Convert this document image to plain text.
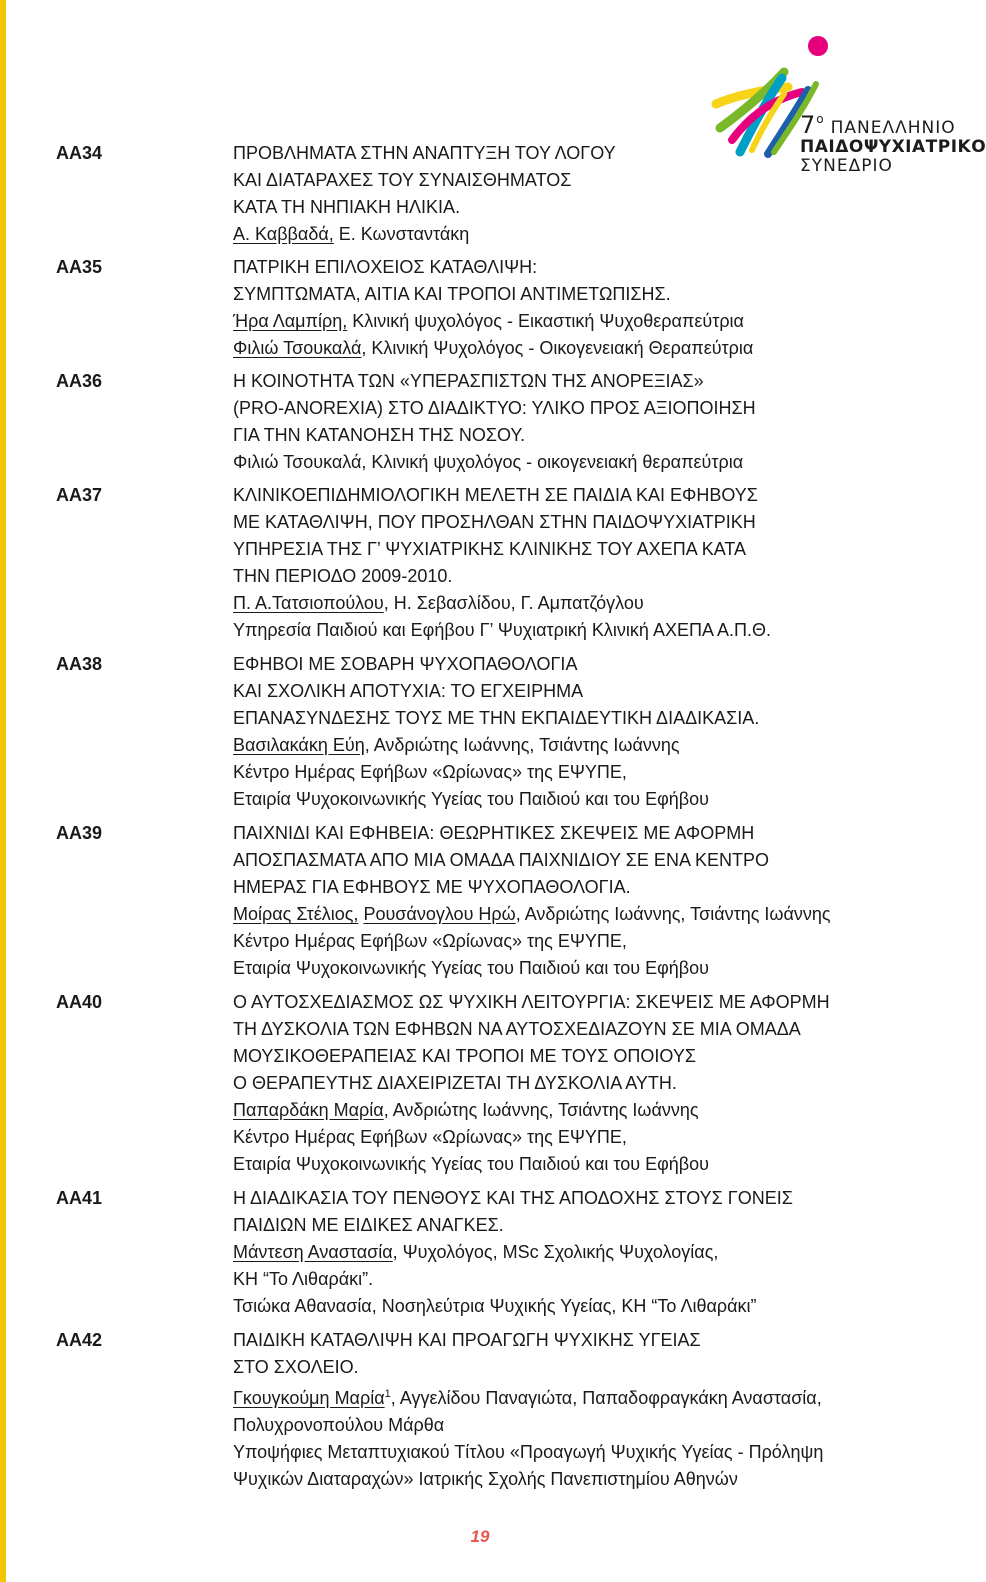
$7^o$ ΠΑΝΕΛΛΗΝΙΟ
ΠΑΙΔΟΨΥΧΙΑΤΡΙΚΟ
ΣΥΝΕΔΡΙΟ
ΑΑ34	ΠΡΟΒΛΗΜΑΤΑ ΣΤΗΝ ΑΝΑΠΤΥΞΗ ΤΟΥ ΛΟΓΟΥ
ΚΑΙ ΔΙΑΤΑΡΑΧΕΣ ΤΟΥ ΣΥΝΑΙΣΘΗΜΑΤΟΣ
ΚΑΤΑ ΤΗ ΝΗΠΙΑΚΗ ΗΛΙΚΙΑ.
Α. Καββαδά, Ε. Κωνσταντάκη
ΑΑ35	ΠΑΤΡΙΚΗ ΕΠΙΛΟΧΕΙΟΣ ΚΑΤΑΘΛΙΨΗ:
ΣΥΜΠΤΩΜΑΤΑ, ΑΙΤΙΑ ΚΑΙ ΤΡΟΠΟΙ ΑΝΤΙΜΕΤΩΠΙΣΗΣ.
Ήρα Λαμπίρη, Κλινική ψυχολόγος - Εικαστική Ψυχοθεραπεύτρια
Φιλιώ Τσουκαλά, Κλινική Ψυχολόγος - Οικογενειακή Θεραπεύτρια
ΑΑ36	Η ΚΟΙΝΟΤΗΤΑ ΤΩΝ «ΥΠΕΡΑΣΠΙΣΤΩΝ ΤΗΣ ΑΝΟΡΕΞΙΑΣ»
(PRO-ANOREXIA) ΣΤΟ ΔΙΑΔΙΚΤΥΟ: ΥΛΙΚΟ ΠΡΟΣ ΑΞΙΟΠΟΙΗΣΗ
ΓΙΑ ΤΗΝ ΚΑΤΑΝΟΗΣΗ ΤΗΣ ΝΟΣΟΥ.
Φιλιώ Τσουκαλά, Κλινική ψυχολόγος - οικογενειακή θεραπεύτρια
ΑΑ37	ΚΛΙΝΙΚΟΕΠΙΔΗΜΙΟΛΟΓΙΚΗ ΜΕΛΕΤΗ ΣΕ ΠΑΙΔΙΑ ΚΑΙ ΕΦΗΒΟΥΣ
ΜΕ ΚΑΤΑΘΛΙΨΗ, ΠΟΥ ΠΡΟΣΗΛΘΑΝ ΣΤΗΝ ΠΑΙΔΟΨΥΧΙΑΤΡΙΚΗ
ΥΠΗΡΕΣΙΑ ΤΗΣ Γ’ ΨΥΧΙΑΤΡΙΚΗΣ ΚΛΙΝΙΚΗΣ ΤΟΥ ΑΧΕΠΑ ΚΑΤΑ
ΤΗΝ ΠΕΡΙΟΔΟ 2009-2010.
Π. Α.Τατσιοπούλου, Η. Σεβασλίδου, Γ. Αμπατζόγλου
Υπηρεσία Παιδιού και Εφήβου Γ’ Ψυχιατρική Κλινική ΑΧΕΠΑ Α.Π.Θ.
ΑΑ38	ΕΦΗΒΟΙ ΜΕ ΣΟΒΑΡΗ ΨΥΧΟΠΑΘΟΛΟΓΙΑ
ΚΑΙ ΣΧΟΛΙΚΗ ΑΠΟΤΥΧΙΑ: ΤΟ ΕΓΧΕΙΡΗΜΑ
ΕΠΑΝΑΣΥΝΔΕΣΗΣ ΤΟΥΣ ΜΕ ΤΗΝ ΕΚΠΑΙΔΕΥΤΙΚΗ ΔΙΑΔΙΚΑΣΙΑ.
Βασιλακάκη Εύη, Ανδριώτης Ιωάννης, Τσιάντης Ιωάννης
Κέντρο Ημέρας Εφήβων «Ωρίωνας» της ΕΨΥΠΕ,
Εταιρία Ψυχοκοινωνικής Υγείας του Παιδιού και του Εφήβου
ΑΑ39	ΠΑΙΧΝΙΔΙ ΚΑΙ ΕΦΗΒΕΙΑ: ΘΕΩΡΗΤΙΚΕΣ ΣΚΕΨΕΙΣ ΜΕ ΑΦΟΡΜΗ
ΑΠΟΣΠΑΣΜΑΤΑ ΑΠΟ ΜΙΑ ΟΜΑΔΑ ΠΑΙΧΝΙΔΙΟΥ ΣΕ ΕΝΑ ΚΕΝΤΡΟ
ΗΜΕΡΑΣ ΓΙΑ ΕΦΗΒΟΥΣ ΜΕ ΨΥΧΟΠΑΘΟΛΟΓΙΑ.
Μοίρας Στέλιος, Ρουσάνογλου Ηρώ, Ανδριώτης Ιωάννης, Τσιάντης Ιωάννης
Κέντρο Ημέρας Εφήβων «Ωρίωνας» της ΕΨΥΠΕ,
Εταιρία Ψυχοκοινωνικής Υγείας του Παιδιού και του Εφήβου
ΑΑ40	Ο ΑΥΤΟΣΧΕΔΙΑΣΜΟΣ ΩΣ ΨΥΧΙΚΗ ΛΕΙΤΟΥΡΓΙΑ: ΣΚΕΨΕΙΣ ΜΕ ΑΦΟΡΜΗ
ΤΗ ΔΥΣΚΟΛΙΑ ΤΩΝ ΕΦΗΒΩΝ ΝΑ ΑΥΤΟΣΧΕΔΙΑΖΟΥΝ ΣΕ ΜΙΑ ΟΜΑΔΑ
ΜΟΥΣΙΚΟΘΕΡΑΠΕΙΑΣ ΚΑΙ ΤΡΟΠΟΙ ΜΕ ΤΟΥΣ ΟΠΟΙΟΥΣ
Ο ΘΕΡΑΠΕΥΤΗΣ ΔΙΑΧΕΙΡΙΖΕΤΑΙ ΤΗ ΔΥΣΚΟΛΙΑ ΑΥΤΗ.
Παπαρδάκη Μαρία, Ανδριώτης Ιωάννης, Τσιάντης Ιωάννης
Κέντρο Ημέρας Εφήβων «Ωρίωνας» της ΕΨΥΠΕ,
Εταιρία Ψυχοκοινωνικής Υγείας του Παιδιού και του Εφήβου
ΑΑ41	Η ΔΙΑΔΙΚΑΣΙΑ ΤΟΥ ΠΕΝΘΟΥΣ ΚΑΙ ΤΗΣ ΑΠΟΔΟΧΗΣ ΣΤΟΥΣ ΓΟΝΕΙΣ
ΠΑΙΔΙΩΝ ΜΕ ΕΙΔΙΚΕΣ ΑΝΑΓΚΕΣ.
Μάντεση Αναστασία, Ψυχολόγος, MSc Σχολικής Ψυχολογίας,
ΚΗ “Το Λιθαράκι”.
Τσιώκα Αθανασία, Νοσηλεύτρια Ψυχικής Υγείας, ΚΗ “Το Λιθαράκι”
ΑΑ42	ΠΑΙΔΙΚΗ ΚΑΤΑΘΛΙΨΗ ΚΑΙ ΠΡΟΑΓΩΓΗ ΨΥΧΙΚΗΣ ΥΓΕΙΑΣ
ΣΤΟ ΣΧΟΛΕΙΟ.
Γκουγκούμη Μαρία$^1$, Αγγελίδου Παναγιώτα, Παπαδοφραγκάκη Αναστασία,
Πολυχρονοπούλου Μάρθα
Υποψήφιες Μεταπτυχιακού Τίτλου «Προαγωγή Ψυχικής Υγείας - Πρόληψη
Ψυχικών Διαταραχών» Ιατρικής Σχολής Πανεπιστημίου Αθηνών
19
